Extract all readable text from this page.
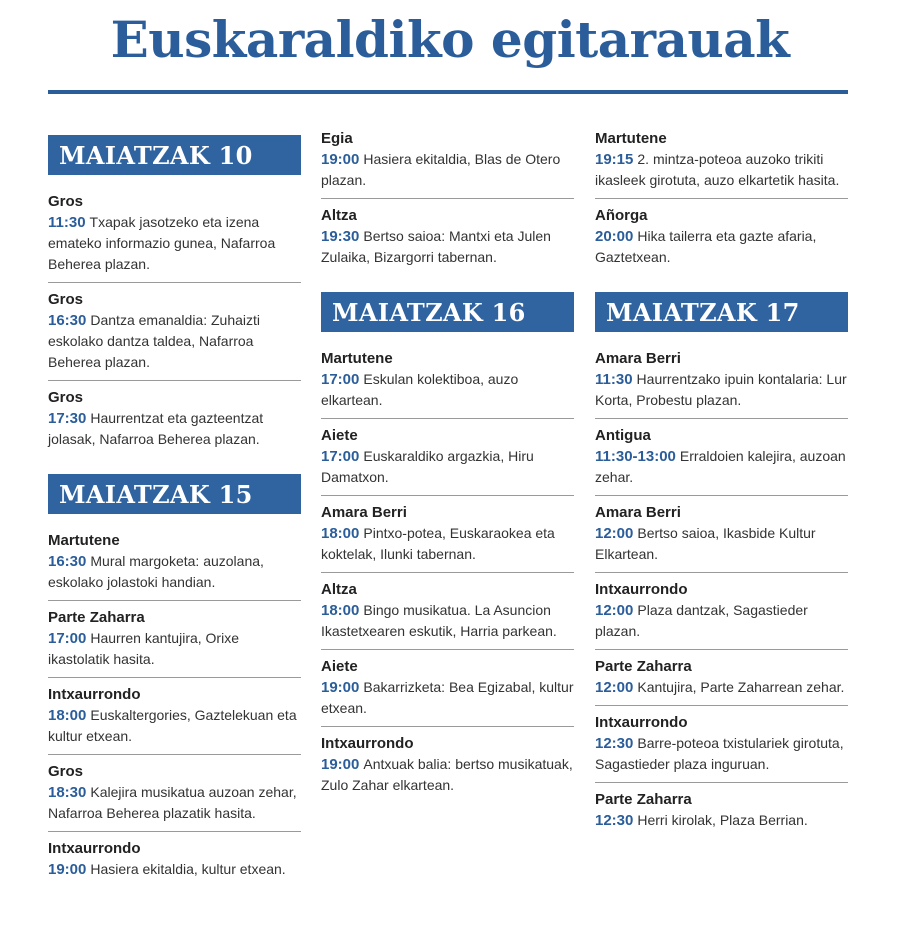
Euskaraldiko egitarauak
MAIATZAK 10
Gros
11:30 Txapak jasotzeko eta izena emateko informazio gunea, Nafarroa Beherea plazan.
Gros
16:30 Dantza emanaldia: Zuhaizti eskolako dantza taldea, Nafarroa Beherea plazan.
Gros
17:30 Haurrentzat eta gazteentzat jolasak, Nafarroa Beherea plazan.
MAIATZAK 15
Martutene
16:30 Mural margoketa: auzolana, eskolako jolastoki handian.
Parte Zaharra
17:00 Haurren kantujira, Orixe ikastolatik hasita.
Intxaurrondo
18:00 Euskaltergories, Gaztelekuan eta kultur etxean.
Gros
18:30 Kalejira musikatua auzoan zehar, Nafarroa Beherea plazatik hasita.
Intxaurrondo
19:00 Hasiera ekitaldia, kultur etxean.
Egia
19:00 Hasiera ekitaldia, Blas de Otero plazan.
Altza
19:30 Bertso saioa: Mantxi eta Julen Zulaika, Bizargorri tabernan.
MAIATZAK 16
Martutene
17:00 Eskulan kolektiboa, auzo elkartean.
Aiete
17:00 Euskaraldiko argazkia, Hiru Damatxon.
Amara Berri
18:00 Pintxo-potea, Euskaraokea eta koktelak, Ilunki tabernan.
Altza
18:00 Bingo musikatua. La Asuncion Ikastetxearen eskutik, Harria parkean.
Aiete
19:00 Bakarrizketa: Bea Egizabal, kultur etxean.
Intxaurrondo
19:00 Antxuak balia: bertso musikatuak, Zulo Zahar elkartean.
Martutene
19:15 2. mintza-poteoa auzoko trikiti ikasleek girotuta, auzo elkartetik hasita.
Añorga
20:00 Hika tailerra eta gazte afaria, Gaztetxean.
MAIATZAK 17
Amara Berri
11:30 Haurrentzako ipuin kontalaria: Lur Korta, Probestu plazan.
Antigua
11:30-13:00 Erraldoien kalejira, auzoan zehar.
Amara Berri
12:00 Bertso saioa, Ikasbide Kultur Elkartean.
Intxaurrondo
12:00 Plaza dantzak, Sagastieder plazan.
Parte Zaharra
12:00 Kantujira, Parte Zaharrean zehar.
Intxaurrondo
12:30 Barre-poteoa txistulariek girotuta, Sagastieder plaza inguruan.
Parte Zaharra
12:30 Herri kirolak, Plaza Berrian.
